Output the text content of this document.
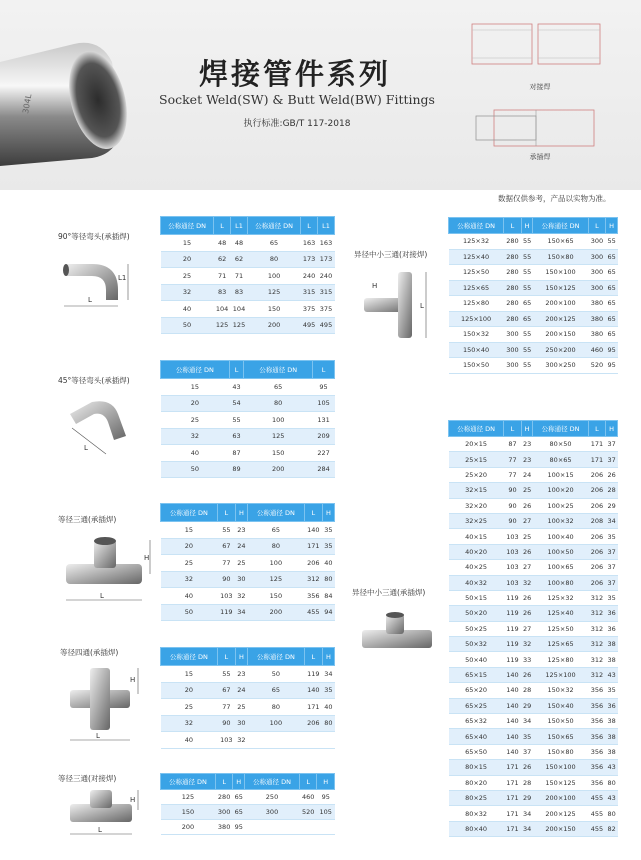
304L
焊接管件系列
Socket Weld(SW) & Butt Weld(BW) Fittings
执行标准:GB/T 117-2018
对接焊
承插焊
数据仅供参考，产品以实物为准。
90°等径弯头(承插焊)
L
L1
公称通径 DN	L	L1	公称通径 DN	L	L1
15	48	48	65	163	163
20	62	62	80	173	173
25	71	71	100	240	240
32	83	83	125	315	315
40	104	104	150	375	375
50	125	125	200	495	495
45°等径弯头(承插焊)
L
公称通径 DN	L	公称通径 DN	L
15	43	65	95
20	54	80	105
25	55	100	131
32	63	125	209
40	87	150	227
50	89	200	284
等径三通(承插焊)
L
H
公称通径 DN	L	H	公称通径 DN	L	H
15	55	23	65	140	35
20	67	24	80	171	35
25	77	25	100	206	40
32	90	30	125	312	80
40	103	32	150	356	84
50	119	34	200	455	94
等径四通(承插焊)
L
H
公称通径 DN	L	H	公称通径 DN	L	H
15	55	23	50	119	34
20	67	24	65	140	35
25	77	25	80	171	40
32	90	30	100	206	80
40	103	32			
等径三通(对接焊)
L
H
公称通径 DN	L	H	公称通径 DN	L	H
125	280	65	250	460	95
150	300	65	300	520	105
200	380	95			
异径中小三通(对接焊)
H
L
公称通径 DN	L	H	公称通径 DN	L	H
125×32	280	55	150×65	300	55
125×40	280	55	150×80	300	65
125×50	280	55	150×100	300	65
125×65	280	55	150×125	300	65
125×80	280	65	200×100	380	65
125×100	280	65	200×125	380	65
150×32	300	55	200×150	380	65
150×40	300	55	250×200	460	95
150×50	300	55	300×250	520	95
异径中小三通(承插焊)
公称通径 DN	L	H	公称通径 DN	L	H
20×15	87	23	80×50	171	37
25×15	77	23	80×65	171	37
25×20	77	24	100×15	206	26
32×15	90	25	100×20	206	28
32×20	90	26	100×25	206	29
32×25	90	27	100×32	208	34
40×15	103	25	100×40	206	35
40×20	103	26	100×50	206	37
40×25	103	27	100×65	206	37
40×32	103	32	100×80	206	37
50×15	119	26	125×32	312	35
50×20	119	26	125×40	312	36
50×25	119	27	125×50	312	36
50×32	119	32	125×65	312	38
50×40	119	33	125×80	312	38
65×15	140	26	125×100	312	43
65×20	140	28	150×32	356	35
65×25	140	29	150×40	356	36
65×32	140	34	150×50	356	38
65×40	140	35	150×65	356	38
65×50	140	37	150×80	356	38
80×15	171	26	150×100	356	43
80×20	171	28	150×125	356	80
80×25	171	29	200×100	455	43
80×32	171	34	200×125	455	80
80×40	171	34	200×150	455	82
